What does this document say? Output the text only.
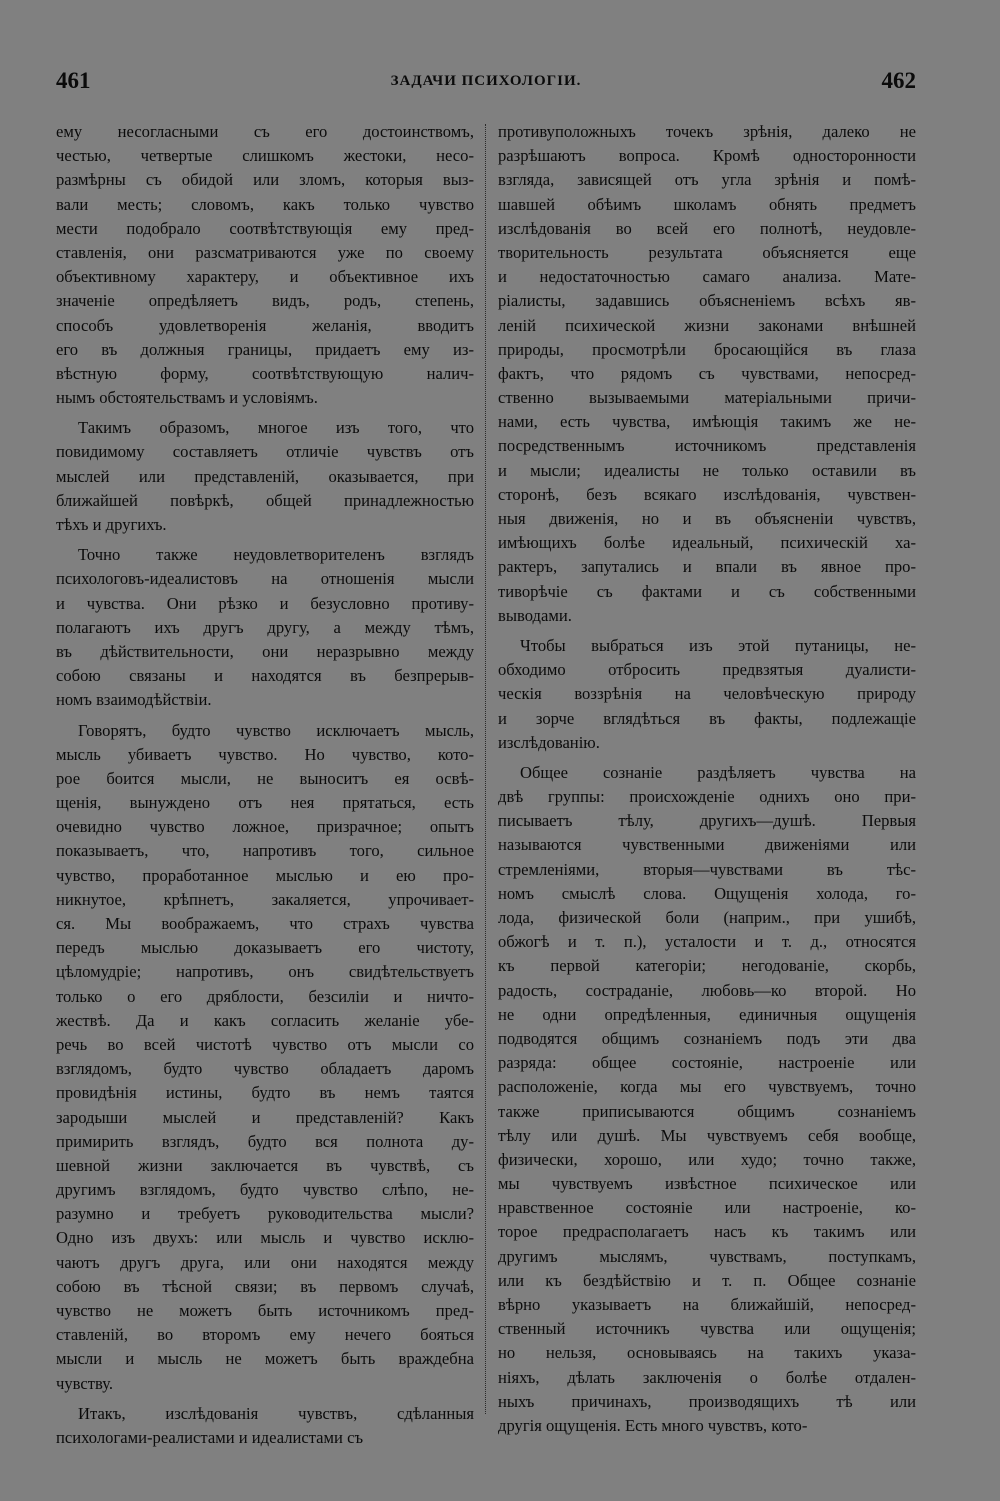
461	ЗАДАЧИ ПСИХОЛОГІИ.	462
ему несогласными съ его достоинствомъ,
честью, четвертые слишкомъ жестоки, несо-
размѣрны съ обидой или зломъ, которыя выз-
вали месть; словомъ, какъ только чувство
мести подобрало соотвѣтствующія ему пред-
ставленія, они разсматриваются уже по своему
объективному характеру, и объективное ихъ
значеніе опредѣляетъ видъ, родъ, степень,
способъ удовлетворенія желанія, вводитъ
его въ должныя границы, придаетъ ему из-
вѣстную форму, соотвѣтствующую налич-
нымъ обстоятельствамъ и условіямъ.
Такимъ образомъ, многое изъ того, что
повидимому составляетъ отличіе чувствъ отъ
мыслей или представленій, оказывается, при
ближайшей повѣркѣ, общей принадлежностью
тѣхъ и другихъ.
Точно также неудовлетворителенъ взглядъ
психологовъ-идеалистовъ на отношенія мысли
и чувства. Они рѣзко и безусловно противу-
полагаютъ ихъ другъ другу, а между тѣмъ,
въ дѣйствительности, они неразрывно между
собою связаны и находятся въ безпрерыв-
номъ взаимодѣйствіи.
Говорятъ, будто чувство исключаетъ мысль,
мысль убиваетъ чувство. Но чувство, кото-
рое боится мысли, не выноситъ ея освѣ-
щенія, вынуждено отъ нея прятаться, есть
очевидно чувство ложное, призрачное; опытъ
показываетъ, что, напротивъ того, сильное
чувство, проработанное мыслью и ею про-
никнутое, крѣпнетъ, закаляется, упрочивает-
ся. Мы воображаемъ, что страхъ чувства
передъ мыслью доказываетъ его чистоту,
цѣломудріе; напротивъ, онъ свидѣтельствуетъ
только о его дряблости, безсиліи и ничто-
жествѣ. Да и какъ согласить желаніе убе-
речь во всей чистотѣ чувство отъ мысли со
взглядомъ, будто чувство обладаетъ даромъ
провидѣнія истины, будто въ немъ таятся
зародыши мыслей и представленій? Какъ
примирить взглядъ, будто вся полнота ду-
шевной жизни заключается въ чувствѣ, съ
другимъ взглядомъ, будто чувство слѣпо, не-
разумно и требуетъ руководительства мысли?
Одно изъ двухъ: или мысль и чувство исклю-
чаютъ другъ друга, или они находятся между
собою въ тѣсной связи; въ первомъ случаѣ,
чувство не можетъ быть источникомъ пред-
ставленій, во второмъ ему нечего бояться
мысли и мысль не можетъ быть враждебна
чувству.
Итакъ, изслѣдованія чувствъ, сдѣланныя
психологами-реалистами и идеалистами съ
противуположныхъ точекъ зрѣнія, далеко не
разрѣшаютъ вопроса. Кромѣ односторонности
взгляда, зависящей отъ угла зрѣнія и помѣ-
шавшей обѣимъ школамъ обнять предметъ
изслѣдованія во всей его полнотѣ, неудовле-
творительность результата объясняется еще
и недостаточностью самаго анализа. Мате-
ріалисты, задавшись объясненіемъ всѣхъ яв-
леній психической жизни законами внѣшней
природы, просмотрѣли бросающійся въ глаза
фактъ, что рядомъ съ чувствами, непосред-
ственно вызываемыми матеріальными причи-
нами, есть чувства, имѣющія такимъ же не-
посредственнымъ источникомъ представленія
и мысли; идеалисты не только оставили въ
сторонѣ, безъ всякаго изслѣдованія, чувствен-
ныя движенія, но и въ объясненіи чувствъ,
имѣющихъ болѣе идеальный, психическій ха-
рактеръ, запутались и впали въ явное про-
тиворѣчіе съ фактами и съ собственными
выводами.
Чтобы выбраться изъ этой путаницы, не-
обходимо отбросить предвзятыя дуалисти-
ческія воззрѣнія на человѣческую природу
и зорче вглядѣться въ факты, подлежащіе
изслѣдованію.
Общее сознаніе раздѣляетъ чувства на
двѣ группы: происхожденіе однихъ оно при-
писываетъ тѣлу, другихъ—душѣ. Первыя
называются чувственными движеніями или
стремленіями, вторыя—чувствами въ тѣс-
номъ смыслѣ слова. Ощущенія холода, го-
лода, физической боли (наприм., при ушибѣ,
обжогѣ и т. п.), усталости и т. д., относятся
къ первой категоріи; негодованіе, скорбь,
радость, состраданіе, любовь—ко второй. Но
не одни опредѣленныя, единичныя ощущенія
подводятся общимъ сознаніемъ подъ эти два
разряда: общее состояніе, настроеніе или
расположеніе, когда мы его чувствуемъ, точно
также приписываются общимъ сознаніемъ
тѣлу или душѣ. Мы чувствуемъ себя вообще,
физически, хорошо, или худо; точно также,
мы чувствуемъ извѣстное психическое или
нравственное состояніе или настроеніе, ко-
торое предрасполагаетъ насъ къ такимъ или
другимъ мыслямъ, чувствамъ, поступкамъ,
или къ бездѣйствію и т. п. Общее сознаніе
вѣрно указываетъ на ближайшій, непосред-
ственный источникъ чувства или ощущенія;
но нельзя, основываясь на такихъ указа-
ніяхъ, дѣлать заключенія о болѣе отдален-
ныхъ причинахъ, производящихъ тѣ или
другія ощущенія. Есть много чувствъ, кото-
